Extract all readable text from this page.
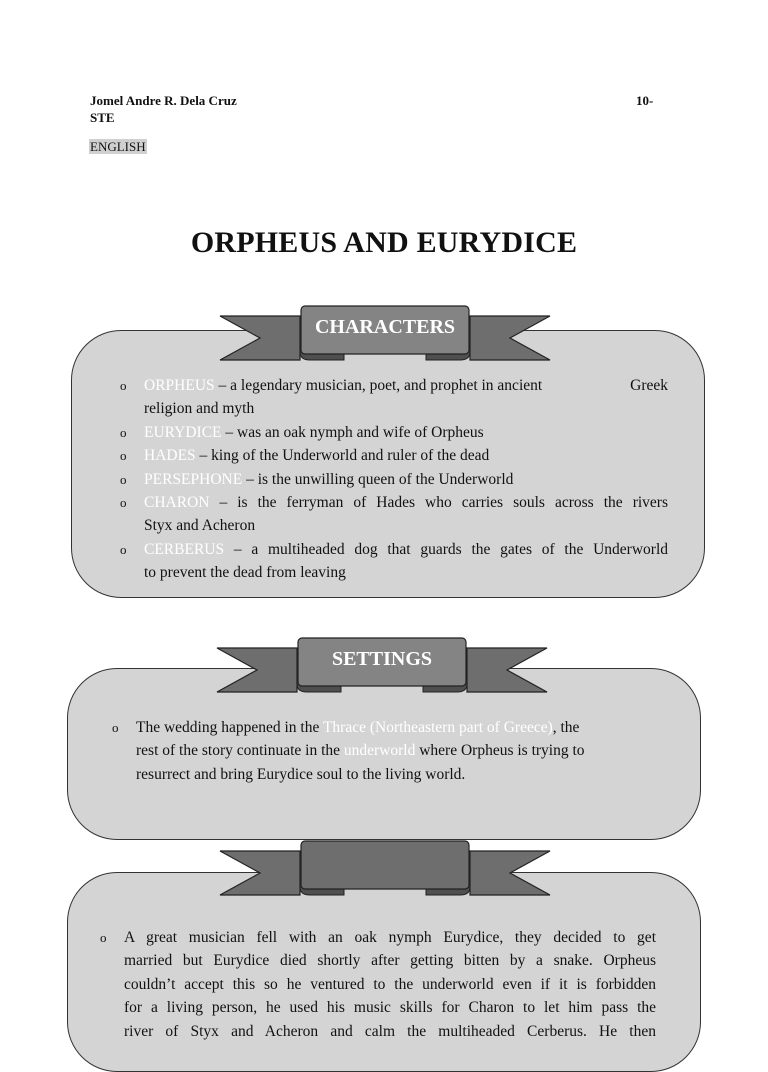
Jomel Andre R. Dela Cruz	10-
STE
ENGLISH
ORPHEUS AND EURYDICE
CHARACTERS
o	ORPHEUS – a legendary musician, poet, and prophet in ancient	Greek
religion and myth
o	EURYDICE – was an oak nymph and wife of Orpheus
o	HADES – king of the Underworld and ruler of the dead
o	PERSEPHONE – is the unwilling queen of the Underworld
o	CHARON – is the ferryman of Hades who carries souls across the rivers
Styx and Acheron
o	CERBERUS – a multiheaded dog that guards the gates of the Underworld
to prevent the dead from leaving
SETTINGS
o	The wedding happened in the Thrace (Northeastern part of Greece), the
rest of the story continuate in the underworld where Orpheus is trying to
resurrect and bring Eurydice soul to the living world.
o	A great musician fell with an oak nymph Eurydice, they decided to get
married but Eurydice died shortly after getting bitten by a snake. Orpheus
couldn’t accept this so he ventured to the underworld even if it is forbidden
for a living person, he used his music skills for Charon to let him pass the
river of Styx and Acheron and calm the multiheaded Cerberus. He then
